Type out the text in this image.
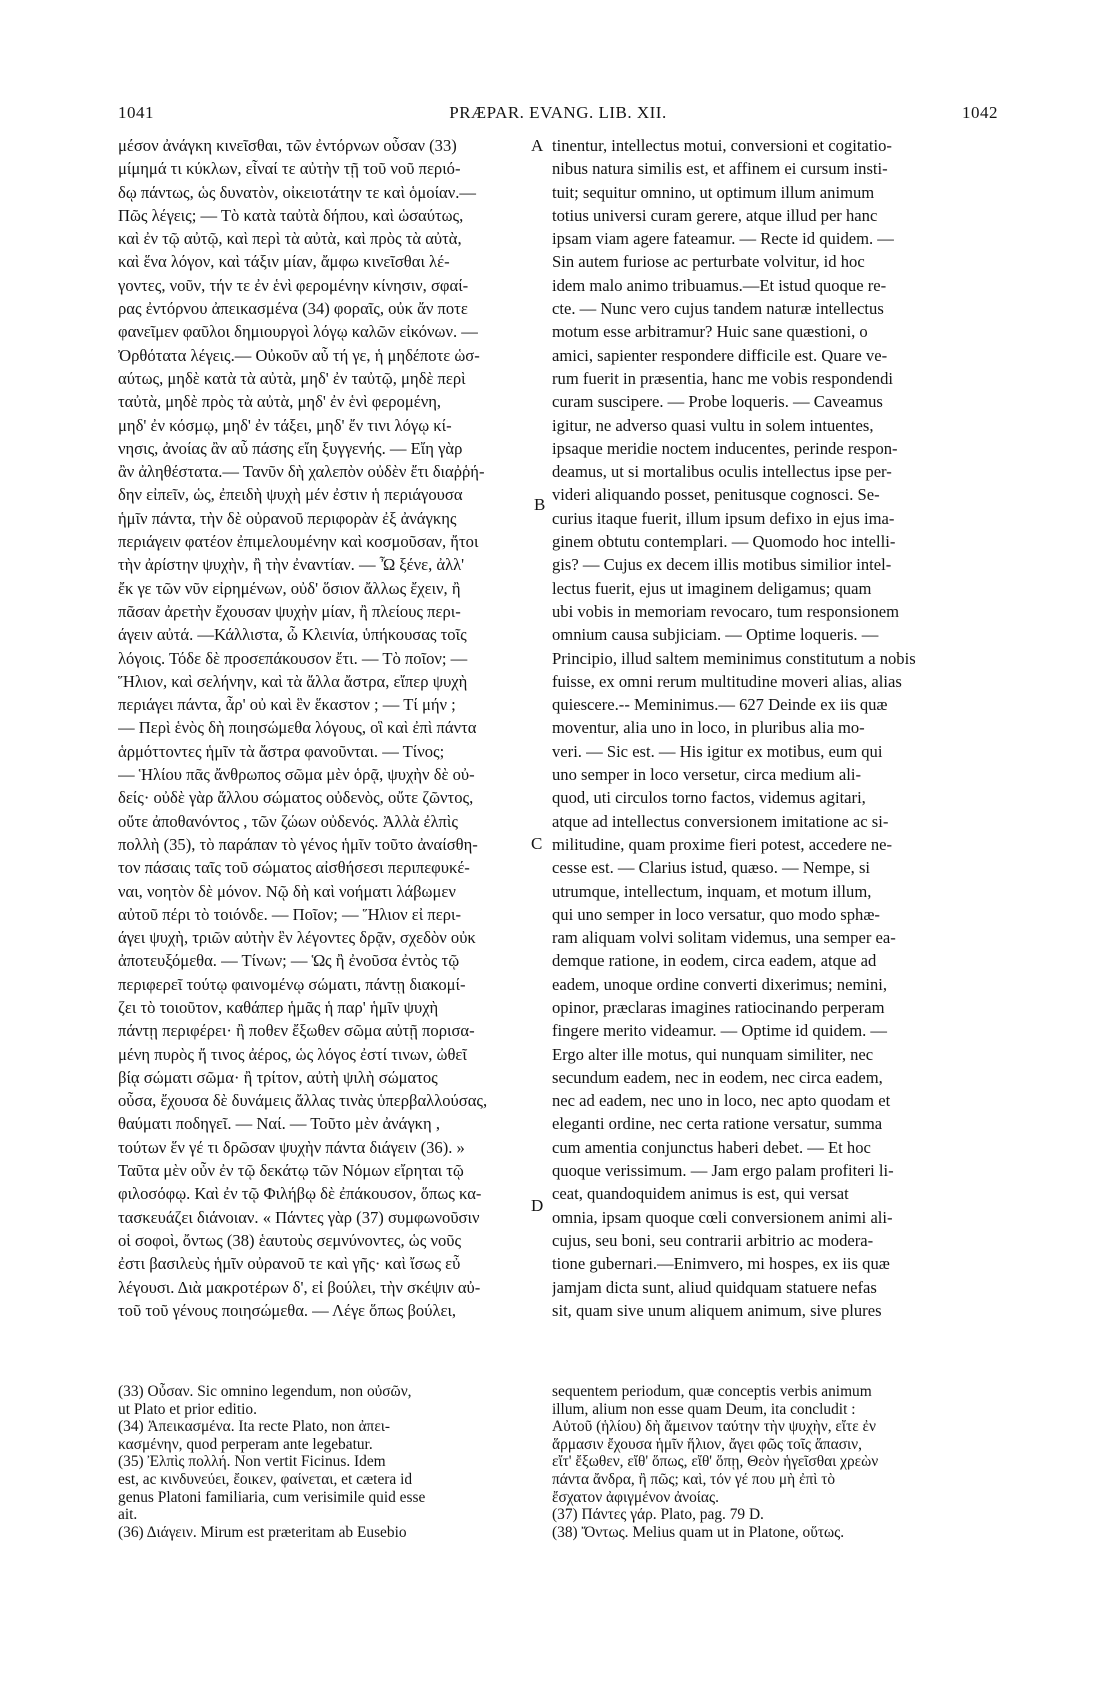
1041	PRÆPAR. EVANG. LIB. XII.	1042
μέσον ἀνάγκη κινεῖσθαι, τῶν ἐντόρνων οὖσαν (33)
μίμημά τι κύκλων, εἶναί τε αὐτὴν τῇ τοῦ νοῦ περιό-
δῳ πάντως, ὡς δυνατὸν, οἰκειοτάτην τε καὶ ὁμοίαν.—
Πῶς λέγεις; — Τὸ κατὰ ταὐτὰ δήπου, καὶ ὡσαύτως,
καὶ ἐν τῷ αὐτῷ, καὶ περὶ τὰ αὐτὰ, καὶ πρὸς τὰ αὐτὰ,
καὶ ἕνα λόγον, καὶ τάξιν μίαν, ἄμφω κινεῖσθαι λέ-
γοντες, νοῦν, τήν τε ἐν ἑνὶ φερομένην κίνησιν, σφαί-
ρας ἐντόρνου ἀπεικασμένα (34) φοραῖς, οὐκ ἄν ποτε
φανεῖμεν φαῦλοι δημιουργοὶ λόγῳ καλῶν εἰκόνων. —
Ὀρθότατα λέγεις.— Οὐκοῦν αὖ τή γε, ἡ μηδέποτε ὡσ-
αύτως, μηδὲ κατὰ τὰ αὐτὰ, μηδ' ἐν ταὐτῷ, μηδὲ περὶ
ταὐτὰ, μηδὲ πρὸς τὰ αὐτὰ, μηδ' ἐν ἑνὶ φερομένη,
μηδ' ἐν κόσμῳ, μηδ' ἐν τάξει, μηδ' ἔν τινι λόγῳ κί-
νησις, ἀνοίας ἂν αὖ πάσης εἴη ξυγγενής. — Εἴη γὰρ
ἂν ἀληθέστατα.— Τανῦν δὴ χαλεπὸν οὐδὲν ἔτι διαῤῥή-
δην εἰπεῖν, ὡς, ἐπειδὴ ψυχὴ μέν ἐστιν ἡ περιάγουσα
ἡμῖν πάντα, τὴν δὲ οὐρανοῦ περιφορὰν ἐξ ἀνάγκης
περιάγειν φατέον ἐπιμελουμένην καὶ κοσμοῦσαν, ἤτοι
τὴν ἀρίστην ψυχὴν, ἢ τὴν ἐναντίαν. — Ὦ ξένε, ἀλλ'
ἔκ γε τῶν νῦν εἰρημένων, οὐδ' ὅσιον ἄλλως ἔχειν, ἢ
πᾶσαν ἀρετὴν ἔχουσαν ψυχὴν μίαν, ἢ πλείους περι-
άγειν αὐτά. —Κάλλιστα, ὦ Κλεινία, ὑπήκουσας τοῖς
λόγοις. Τόδε δὲ προσεπάκουσον ἔτι. — Τὸ ποῖον; —
Ἥλιον, καὶ σελήνην, καὶ τὰ ἄλλα ἄστρα, εἴπερ ψυχὴ
περιάγει πάντα, ἆρ' οὐ καὶ ἓν ἕκαστον ; — Τί μήν ;
— Περὶ ἑνὸς δὴ ποιησώμεθα λόγους, οἳ καὶ ἐπὶ πάντα
ἁρμόττοντες ἡμῖν τὰ ἄστρα φανοῦνται. — Τίνος;
— Ἡλίου πᾶς ἄνθρωπος σῶμα μὲν ὁρᾷ, ψυχὴν δὲ οὐ-
δείς· οὐδὲ γὰρ ἄλλου σώματος οὐδενὸς, οὔτε ζῶντος,
οὔτε ἀποθανόντος , τῶν ζώων οὐδενός. Ἀλλὰ ἐλπὶς
πολλὴ (35), τὸ παράπαν τὸ γένος ἡμῖν τοῦτο ἀναίσθη-
τον πάσαις ταῖς τοῦ σώματος αἰσθήσεσι περιπεφυκέ-
ναι, νοητὸν δὲ μόνον. Νῷ δὴ καὶ νοήματι λάβωμεν
αὐτοῦ πέρι τὸ τοιόνδε. — Ποῖον; — Ἥλιον εἰ περι-
άγει ψυχὴ, τριῶν αὐτὴν ἓν λέγοντες δρᾷν, σχεδὸν οὐκ
ἀποτευξόμεθα. — Τίνων; — Ὡς ἢ ἐνοῦσα ἐντὸς τῷ
περιφερεῖ τούτῳ φαινομένῳ σώματι, πάντῃ διακομί-
ζει τὸ τοιοῦτον, καθάπερ ἡμᾶς ἡ παρ' ἡμῖν ψυχὴ
πάντῃ περιφέρει· ἢ ποθεν ἔξωθεν σῶμα αὐτῇ πορισα-
μένη πυρὸς ἤ τινος ἀέρος, ὡς λόγος ἐστί τινων, ὠθεῖ
βίᾳ σώματι σῶμα· ἢ τρίτον, αὐτὴ ψιλὴ σώματος
οὖσα, ἔχουσα δὲ δυνάμεις ἄλλας τινὰς ὑπερβαλλούσας,
θαύματι ποδηγεῖ. — Ναί. — Τοῦτο μὲν ἀνάγκη ,
τούτων ἕν γέ τι δρῶσαν ψυχὴν πάντα διάγειν (36). »
Ταῦτα μὲν οὖν ἐν τῷ δεκάτῳ τῶν Νόμων εἴρηται τῷ
φιλοσόφῳ. Καὶ ἐν τῷ Φιλήβῳ δὲ ἐπάκουσον, ὅπως κα-
τασκευάζει διάνοιαν. « Πάντες γὰρ (37) συμφωνοῦσιν
οἱ σοφοὶ, ὄντως (38) ἑαυτοὺς σεμνύνοντες, ὡς νοῦς
ἐστι βασιλεὺς ἡμῖν οὐρανοῦ τε καὶ γῆς· καὶ ἴσως εὖ
λέγουσι. Διὰ μακροτέρων δ', εἰ βούλει, τὴν σκέψιν αὐ-
τοῦ τοῦ γένους ποιησώμεθα. — Λέγε ὅπως βούλει,
tinentur, intellectus motui, conversioni et cogitatio-
nibus natura similis est, et affinem ei cursum insti-
tuit; sequitur omnino, ut optimum illum animum
totius universi curam gerere, atque illud per hanc
ipsam viam agere fateamur. — Recte id quidem. —
Sin autem furiose ac perturbate volvitur, id hoc
idem malo animo tribuamus.—Et istud quoque re-
cte. — Nunc vero cujus tandem naturæ intellectus
motum esse arbitramur? Huic sane quæstioni, o
amici, sapienter respondere difficile est. Quare ve-
rum fuerit in præsentia, hanc me vobis respondendi
curam suscipere. — Probe loqueris. — Caveamus
igitur, ne adverso quasi vultu in solem intuentes,
ipsaque meridie noctem inducentes, perinde respon-
deamus, ut si mortalibus oculis intellectus ipse per-
videri aliquando posset, penitusque cognosci. Se-
curius itaque fuerit, illum ipsum defixo in ejus ima-
ginem obtutu contemplari. — Quomodo hoc intelli-
gis? — Cujus ex decem illis motibus similior intel-
lectus fuerit, ejus ut imaginem deligamus; quam
ubi vobis in memoriam revocaro, tum responsionem
omnium causa subjiciam. — Optime loqueris. —
Principio, illud saltem meminimus constitutum a nobis
fuisse, ex omni rerum multitudine moveri alias, alias
quiescere.-- Meminimus.— 627 Deinde ex iis quæ
moventur, alia uno in loco, in pluribus alia mo-
veri. — Sic est. — His igitur ex motibus, eum qui
uno semper in loco versetur, circa medium ali-
quod, uti circulos torno factos, videmus agitari,
atque ad intellectus conversionem imitatione ac si-
militudine, quam proxime fieri potest, accedere ne-
cesse est. — Clarius istud, quæso. — Nempe, si
utrumque, intellectum, inquam, et motum illum,
qui uno semper in loco versatur, quo modo sphæ-
ram aliquam volvi solitam videmus, una semper ea-
demque ratione, in eodem, circa eadem, atque ad
eadem, unoque ordine converti dixerimus; nemini,
opinor, præclaras imagines ratiocinando perperam
fingere merito videamur. — Optime id quidem. —
Ergo alter ille motus, qui nunquam similiter, nec
secundum eadem, nec in eodem, nec circa eadem,
nec ad eadem, nec uno in loco, nec apto quodam et
eleganti ordine, nec certa ratione versatur, summa
cum amentia conjunctus haberi debet. — Et hoc
quoque verissimum. — Jam ergo palam profiteri li-
ceat, quandoquidem animus is est, qui versat
omnia, ipsam quoque cœli conversionem animi ali-
cujus, seu boni, seu contrarii arbitrio ac modera-
tione gubernari.—Enimvero, mi hospes, ex iis quæ
jamjam dicta sunt, aliud quidquam statuere nefas
sit, quam sive unum aliquem animum, sive plures
A
B
C
D
(33) Οὖσαν. Sic omnino legendum, non οὐσῶν,
ut Plato et prior editio.
(34) Ἀπεικασμένα. Ita recte Plato, non ἀπει-
κασμένην, quod perperam ante legebatur.
(35) Ἐλπὶς πολλή. Non vertit Ficinus. Idem
est, ac κινδυνεύει, ἔοικεν, φαίνεται, et cætera id
genus Platoni familiaria, cum verisimile quid esse
ait.
(36) Διάγειν. Mirum est præteritam ab Eusebio
sequentem periodum, quæ conceptis verbis animum
illum, alium non esse quam Deum, ita concludit :
Αὐτοῦ (ἡλίου) δὴ ἄμεινον ταύτην τὴν ψυχὴν, εἴτε ἐν
ἅρμασιν ἔχουσα ἡμῖν ἥλιον, ἄγει φῶς τοῖς ἅπασιν,
εἴτ' ἔξωθεν, εἴθ' ὅπως, εἴθ' ὅπῃ, Θεὸν ἡγεῖσθαι χρεὼν
πάντα ἄνδρα, ἢ πῶς; καὶ, τόν γέ που μὴ ἐπὶ τὸ
ἔσχατον ἀφιγμένον ἀνοίας.
(37) Πάντες γάρ. Plato, pag. 79 D.
(38) Ὄντως. Melius quam ut in Platone, οὕτως.
